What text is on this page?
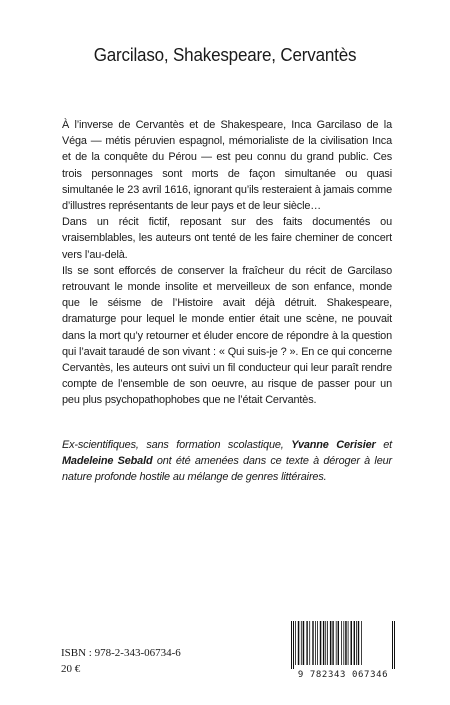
Garcilaso, Shakespeare, Cervantès

À l’inverse de Cervantès et de Shakespeare, Inca Garcilaso de la Véga — métis péruvien espagnol, mémorialiste de la civilisation Inca et de la conquête du Pérou — est peu connu du grand public. Ces trois personnages sont morts de façon simultanée ou quasi simultanée le 23 avril 1616, ignorant qu’ils resteraient à jamais comme d’illustres représentants de leur pays et de leur siècle…

Dans un récit fictif, reposant sur des faits documentés ou vraisemblables, les auteurs ont tenté de les faire cheminer de concert vers l’au-delà.

Ils se sont efforcés de conserver la fraîcheur du récit de Garcilaso retrouvant le monde insolite et merveilleux de son enfance, monde que le séisme de l’Histoire avait déjà détruit. Shakespeare, dramaturge pour lequel le monde entier était une scène, ne pouvait dans la mort qu’y retourner et éluder encore de répondre à la question qui l’avait taraudé de son vivant : « Qui suis-je ? ». En ce qui concerne Cervantès, les auteurs ont suivi un fil conducteur qui leur paraît rendre compte de l’ensemble de son oeuvre, au risque de passer pour un peu plus psychopathophobes que ne l’était Cervantès.

Ex-scientifiques, sans formation scolastique, Yvanne Cerisier et Madeleine Sebald ont été amenées dans ce texte à déroger à leur nature profonde hostile au mélange de genres littéraires.
ISBN : 978-2-343-06734-6
20 €	9 782343 067346
